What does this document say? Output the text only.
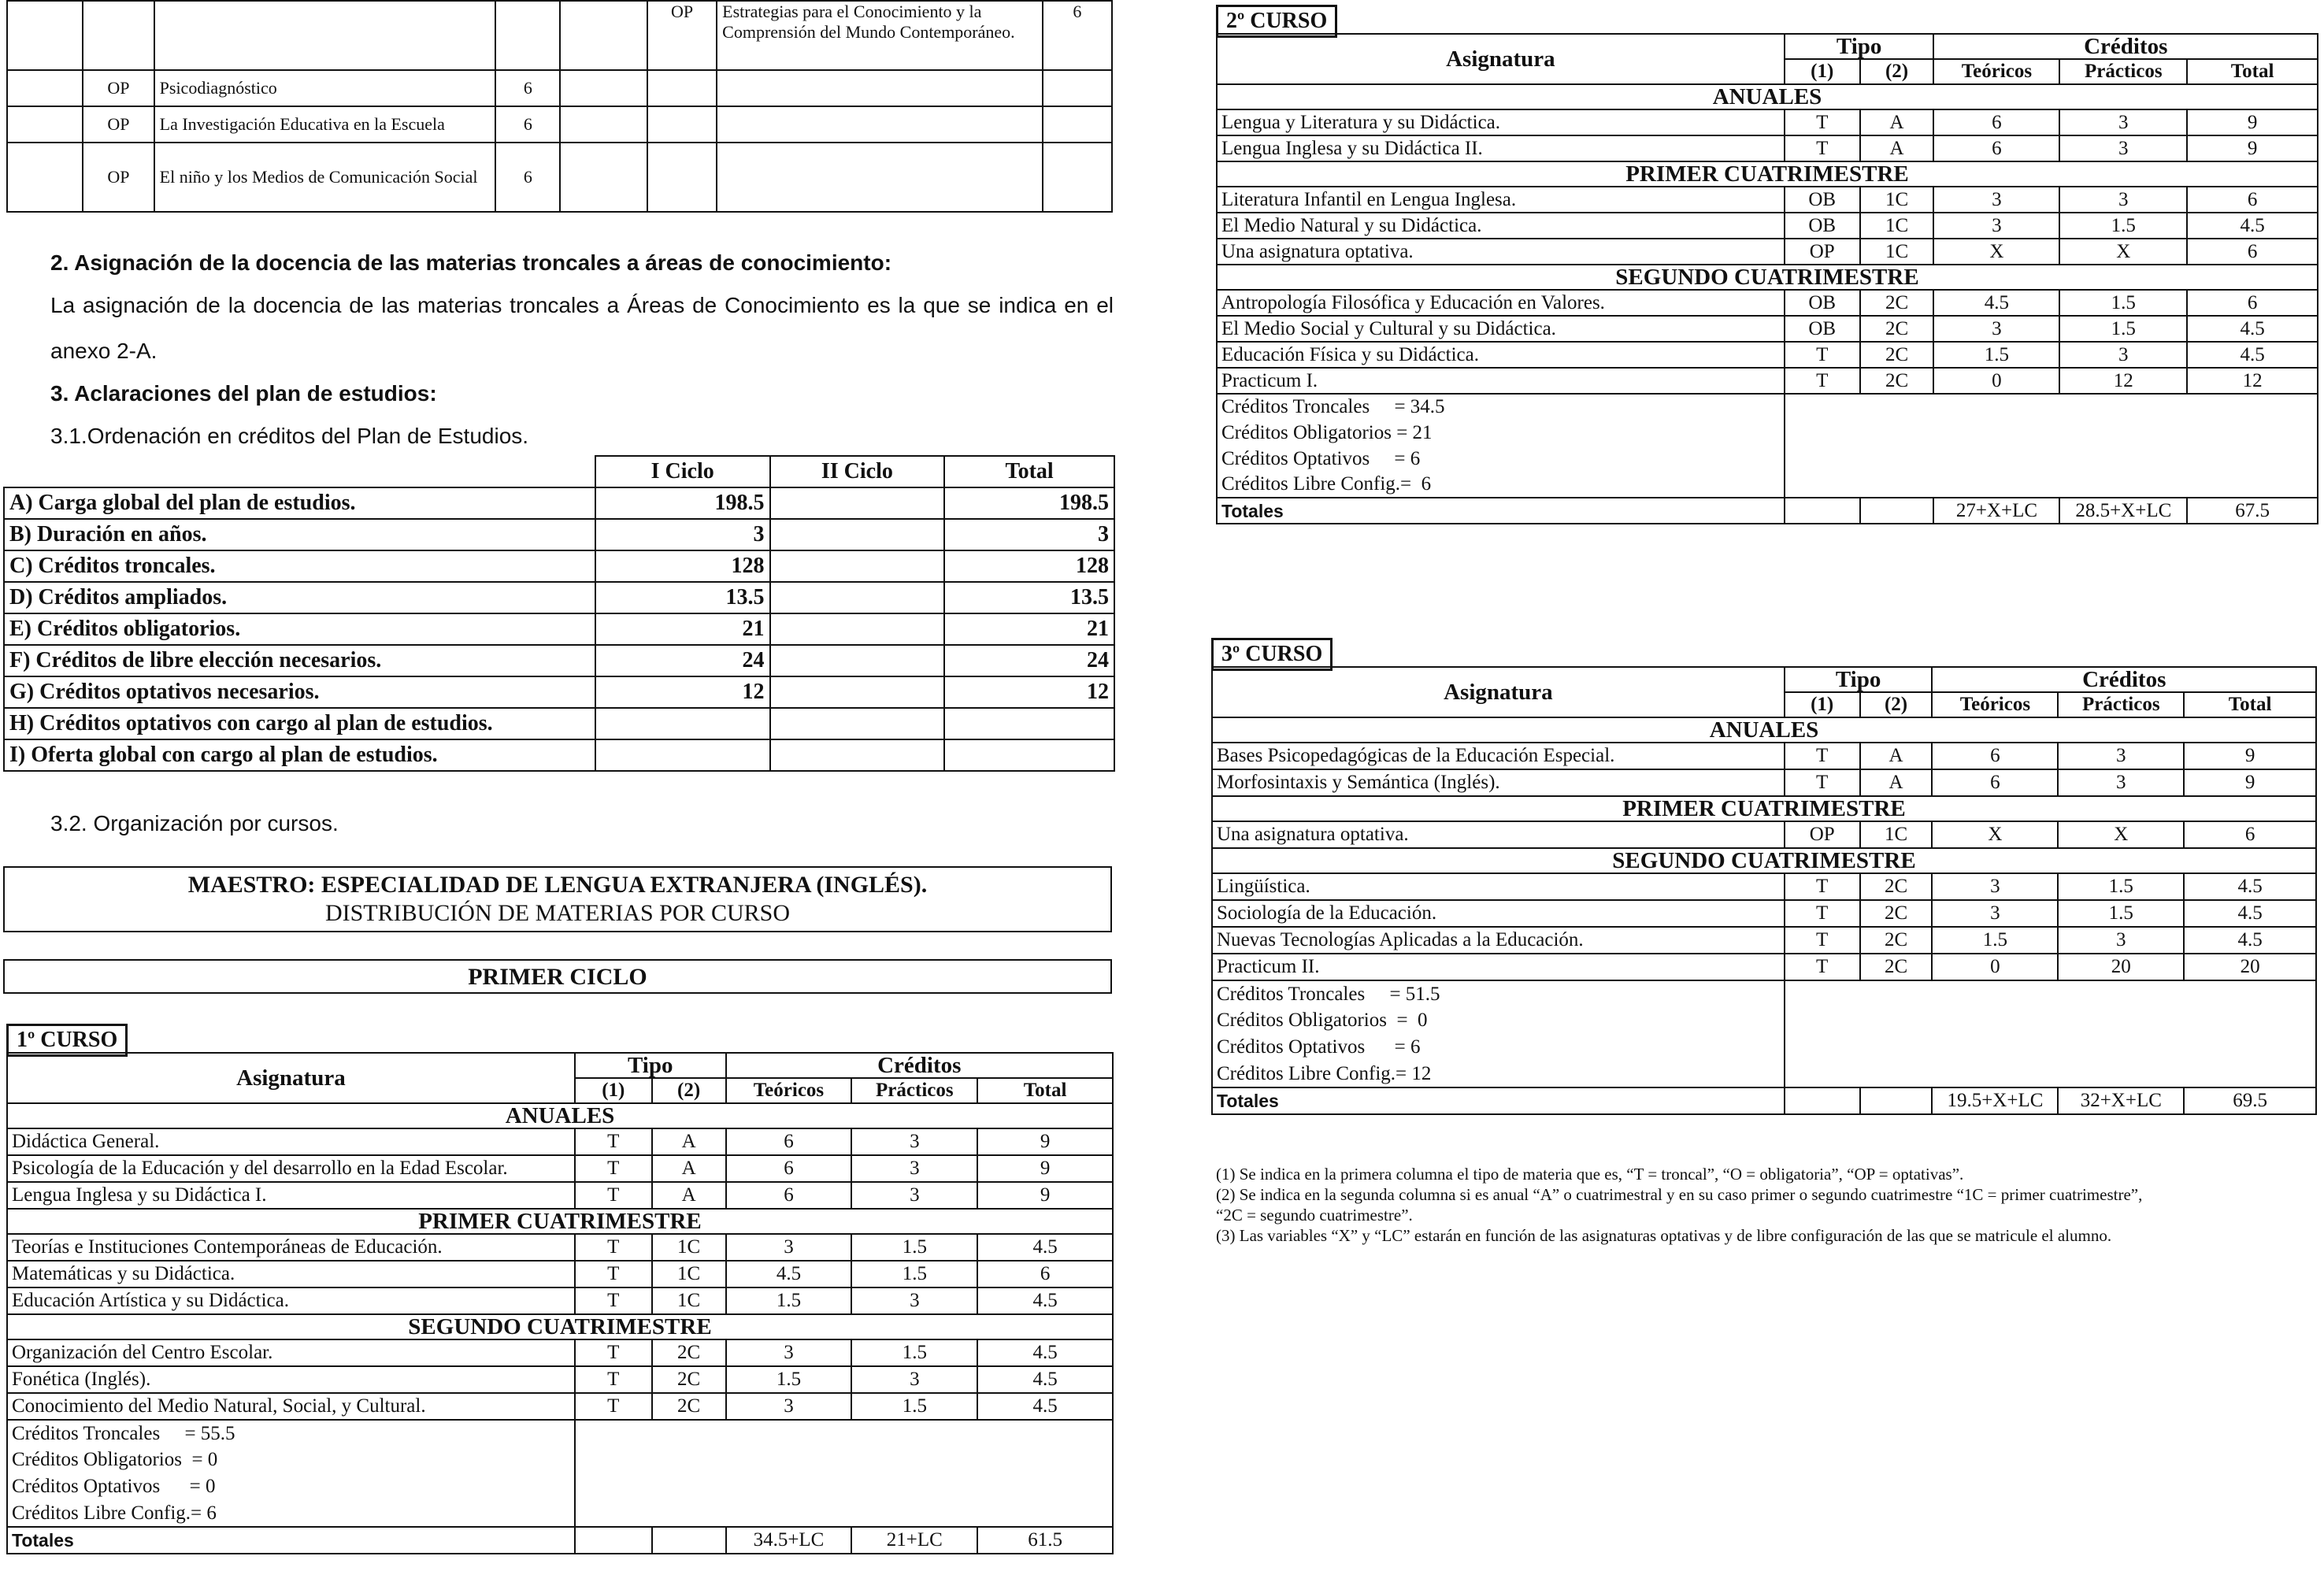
					OP	Estrategias para el Conocimiento y la Comprensión del Mundo Contemporáneo.	6
	OP	Psicodiagnóstico	6				
	OP	La Investigación Educativa en la Escuela	6				
	OP	El niño y los Medios de Comunicación Social	6				
2. Asignación de la docencia de las materias troncales a áreas de conocimiento:
La asignación de la docencia de las materias troncales a Áreas de Conocimiento es la que se indica en el
anexo 2-A.
3. Aclaraciones del plan de estudios:
3.1.Ordenación en créditos del Plan de Estudios.
	I Ciclo	II Ciclo	Total
A) Carga global del plan de estudios.	198.5		198.5
B) Duración en años.	3		3
C) Créditos troncales.	128		128
D) Créditos ampliados.	13.5		13.5
E) Créditos obligatorios.	21		21
F) Créditos de libre elección necesarios.	24		24
G) Créditos optativos necesarios.	12		12
H) Créditos optativos con cargo al plan de estudios.			
I) Oferta global con cargo al plan de estudios.			
3.2. Organización por cursos.
MAESTRO: ESPECIALIDAD DE LENGUA EXTRANJERA (INGLÉS).
DISTRIBUCIÓN DE MATERIAS POR CURSO
PRIMER CICLO
1º CURSO
Asignatura	Tipo		Créditos		
	(1)	(2)	Teóricos	Prácticos	Total
ANUALES					
Didáctica General.	T	A	6	3	9
Psicología de la Educación y del desarrollo en la Edad Escolar.	T	A	6	3	9
Lengua Inglesa y su Didáctica I.	T	A	6	3	9
PRIMER CUATRIMESTRE					
Teorías e Instituciones Contemporáneas de Educación.	T	1C	3	1.5	4.5
Matemáticas y su Didáctica.	T	1C	4.5	1.5	6
Educación Artística y su Didáctica.	T	1C	1.5	3	4.5
SEGUNDO CUATRIMESTRE					
Organización del Centro Escolar.	T	2C	3	1.5	4.5
Fonética (Inglés).	T	2C	1.5	3	4.5
Conocimiento del Medio Natural, Social, y Cultural.	T	2C	3	1.5	4.5
Créditos Troncales     = 55.5					
Créditos Obligatorios  = 0					
Créditos Optativos      = 0					
Créditos Libre Config.= 6					
Totales			34.5+LC	21+LC	61.5
2º CURSO
Asignatura	Tipo		Créditos		
	(1)	(2)	Teóricos	Prácticos	Total
ANUALES					
Lengua y Literatura y su Didáctica.	T	A	6	3	9
Lengua Inglesa y su Didáctica II.	T	A	6	3	9
PRIMER CUATRIMESTRE					
Literatura Infantil en Lengua Inglesa.	OB	1C	3	3	6
El Medio Natural y su Didáctica.	OB	1C	3	1.5	4.5
Una asignatura optativa.	OP	1C	X	X	6
SEGUNDO CUATRIMESTRE					
Antropología Filosófica y Educación en Valores.	OB	2C	4.5	1.5	6
El Medio Social y Cultural y su Didáctica.	OB	2C	3	1.5	4.5
Educación Física y su Didáctica.	T	2C	1.5	3	4.5
Practicum I.	T	2C	0	12	12
Créditos Troncales     = 34.5					
Créditos Obligatorios = 21					
Créditos Optativos     = 6					
Créditos Libre Config.=  6					
Totales			27+X+LC	28.5+X+LC	67.5
3º CURSO
Asignatura	Tipo		Créditos		
	(1)	(2)	Teóricos	Prácticos	Total
ANUALES					
Bases Psicopedagógicas de la Educación Especial.	T	A	6	3	9
Morfosintaxis y Semántica (Inglés).	T	A	6	3	9
PRIMER CUATRIMESTRE					
Una asignatura optativa.	OP	1C	X	X	6
SEGUNDO CUATRIMESTRE					
Lingüística.	T	2C	3	1.5	4.5
Sociología de la Educación.	T	2C	3	1.5	4.5
Nuevas Tecnologías Aplicadas a la Educación.	T	2C	1.5	3	4.5
Practicum II.	T	2C	0	20	20
Créditos Troncales     = 51.5					
Créditos Obligatorios  =  0					
Créditos Optativos      = 6					
Créditos Libre Config.= 12					
Totales			19.5+X+LC	32+X+LC	69.5
(1) Se indica en la primera columna el tipo de materia que es, “T = troncal”, “O = obligatoria”, “OP = optativas”.
(2) Se indica en la segunda columna si es anual “A” o cuatrimestral y en su caso primer o segundo cuatrimestre “1C = primer cuatrimestre”,
“2C = segundo cuatrimestre”.
(3) Las variables “X” y “LC” estarán en función de las asignaturas optativas y de libre configuración de las que se matricule el alumno.
